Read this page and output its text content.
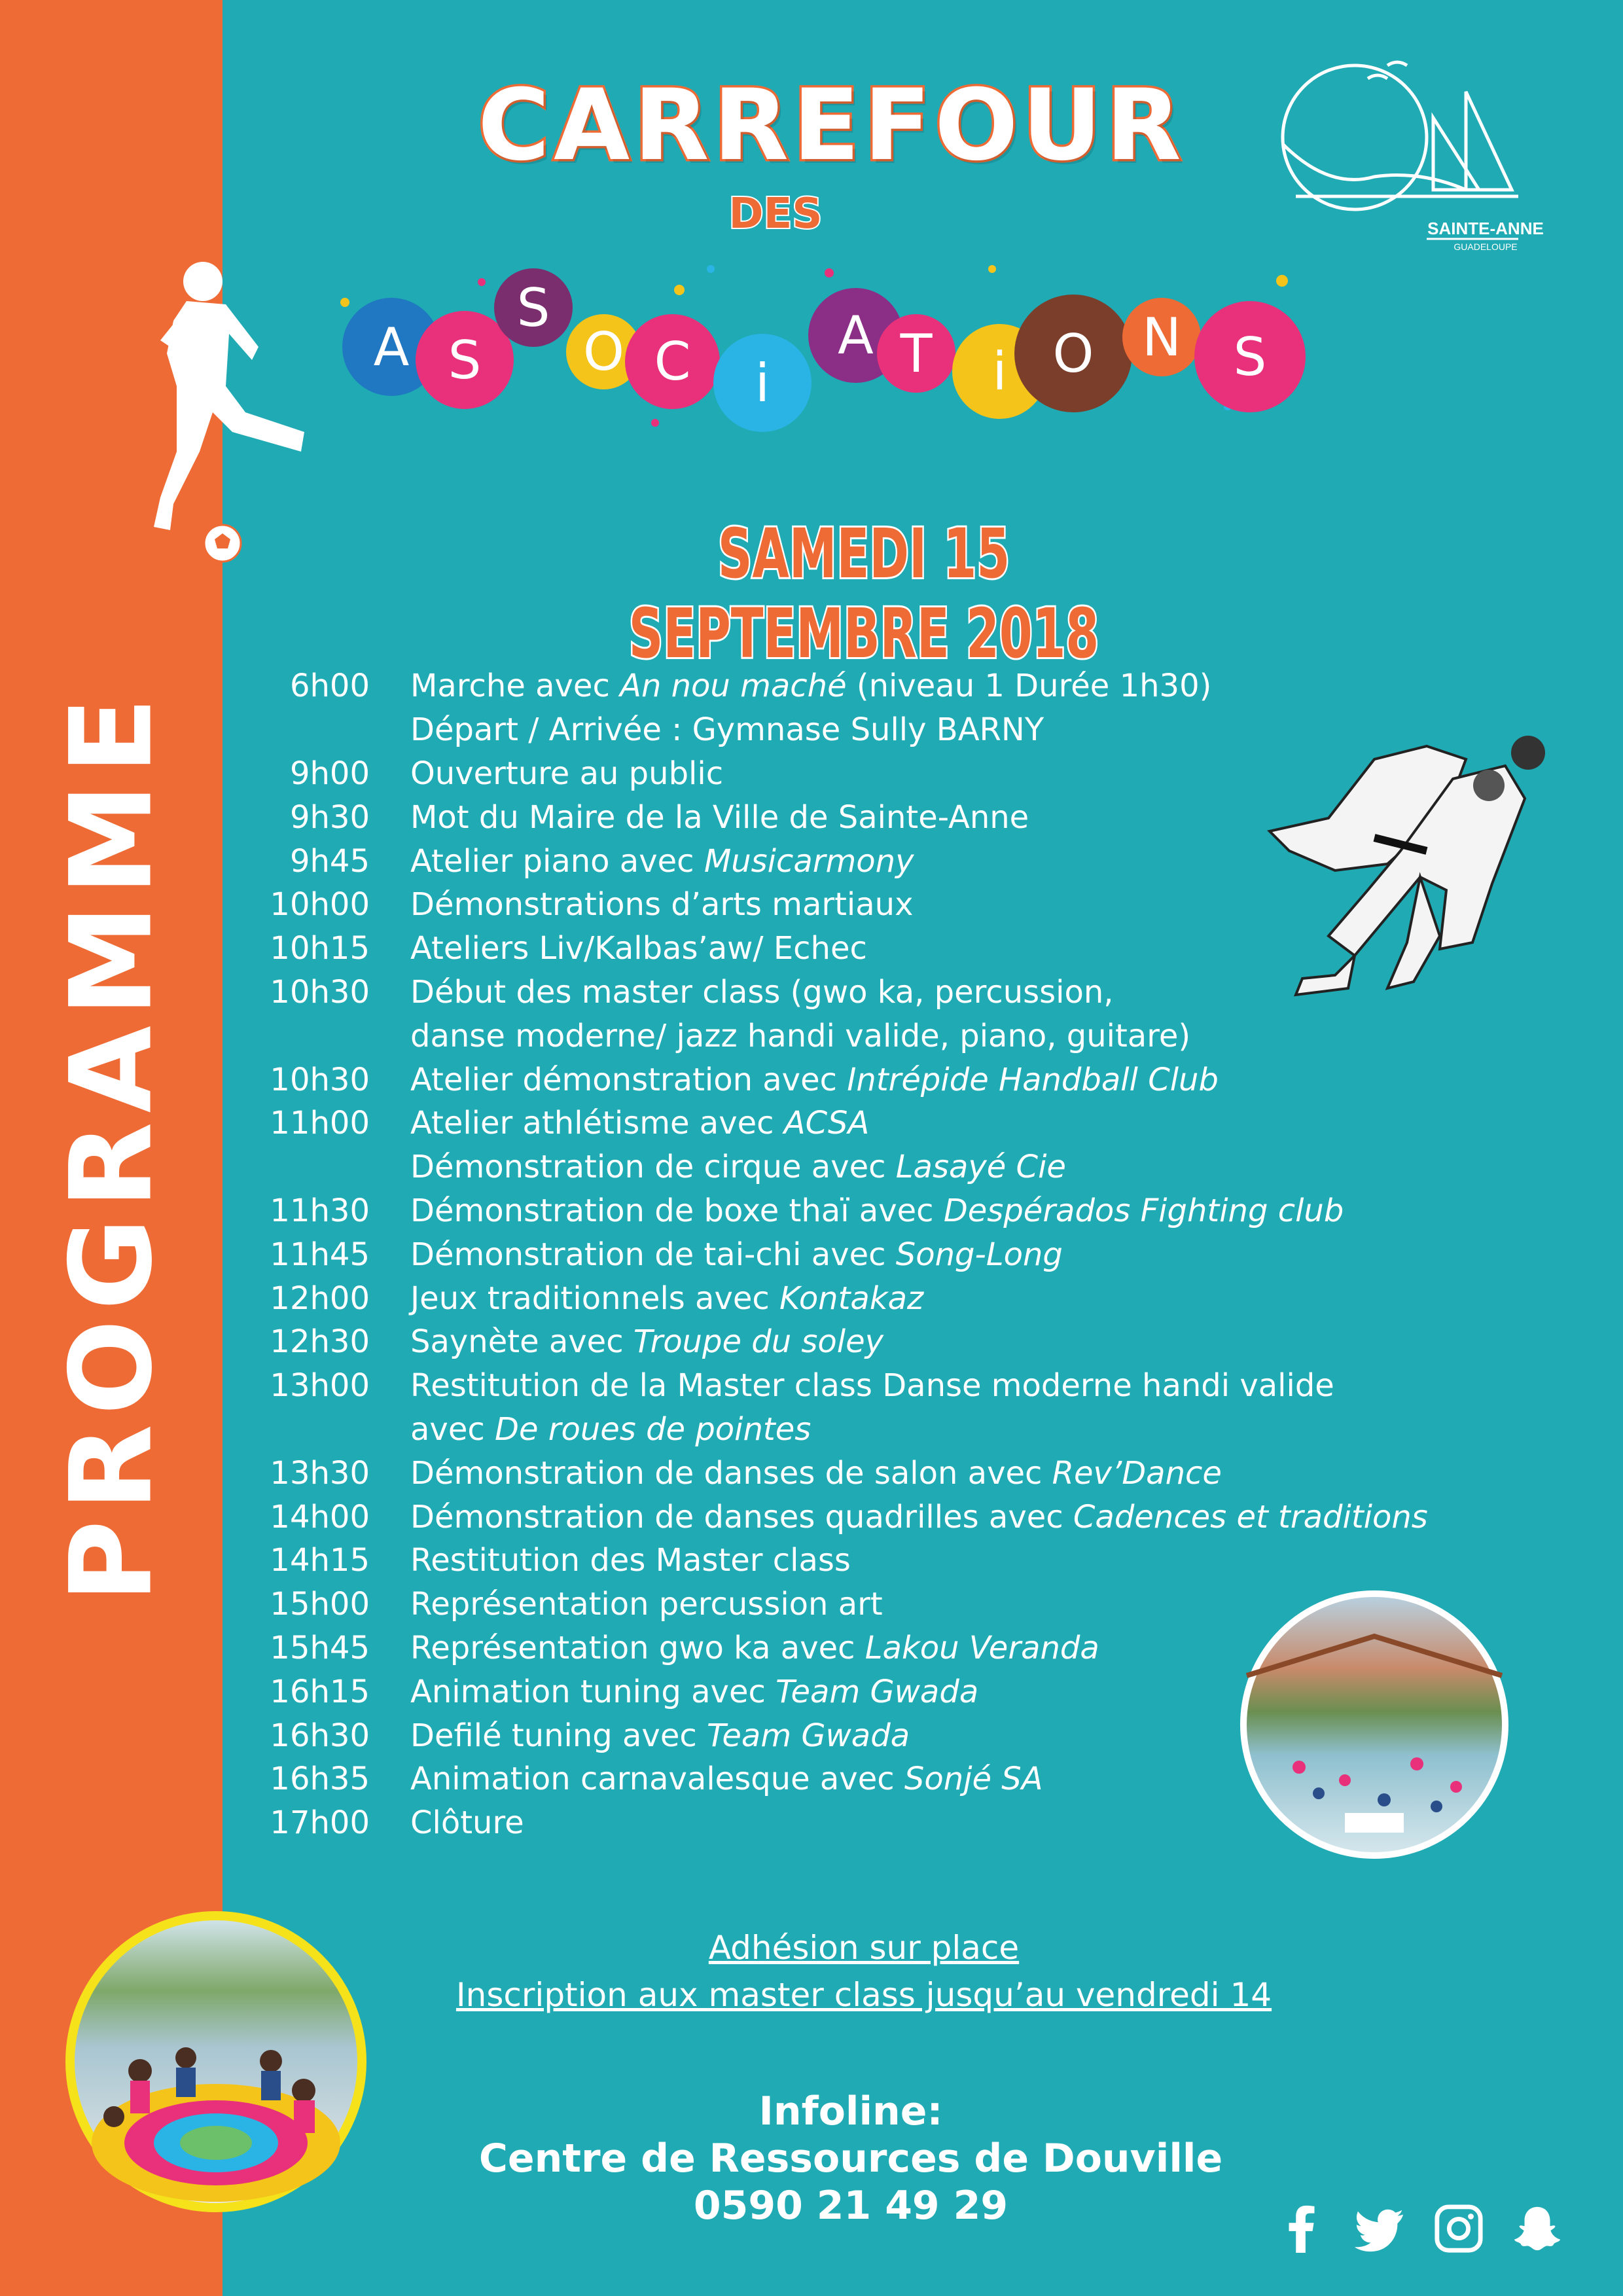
PROGRAMME
CARREFOUR
DES
A S
S
O C	i
A T	i O N S
SAINTE-ANNE
GUADELOUPE
SAMEDI 15 SEPTEMBRE 2018
6h00 Marche avec An nou maché (niveau 1 Durée 1h30)
Départ / Arrivée : Gymnase Sully BARNY
9h00 Ouverture au public
9h30 Mot du Maire de la Ville de Sainte-Anne
9h45 Atelier piano avec Musicarmony
10h00 Démonstrations d’arts martiaux
10h15 Ateliers Liv/Kalbas’aw/ Echec
10h30 Début des master class (gwo ka, percussion,
danse moderne/ jazz handi valide, piano, guitare)
10h30 Atelier démonstration avec Intrépide Handball Club
11h00 Atelier athlétisme avec ACSA
Démonstration de cirque avec Lasayé Cie
11h30 Démonstration de boxe thaï avec Despérados Fighting club
11h45 Démonstration de tai-chi avec Song-Long
12h00 Jeux traditionnels avec Kontakaz
12h30 Saynète avec Troupe du soley
13h00 Restitution de la Master class Danse moderne handi valide
avec De roues de pointes
13h30 Démonstration de danses de salon avec Rev’Dance
14h00 Démonstration de danses quadrilles avec Cadences et traditions
14h15 Restitution des Master class
15h00 Représentation percussion art
15h45 Représentation gwo ka avec Lakou Veranda
16h15 Animation tuning avec Team Gwada
16h30 Defilé tuning avec Team Gwada
16h35 Animation carnavalesque avec Sonjé SA
17h00 Clôture
Adhésion sur place
Inscription aux master class jusqu’au vendredi 14
Infoline:
Centre de Ressources de Douville
0590 21 49 29
